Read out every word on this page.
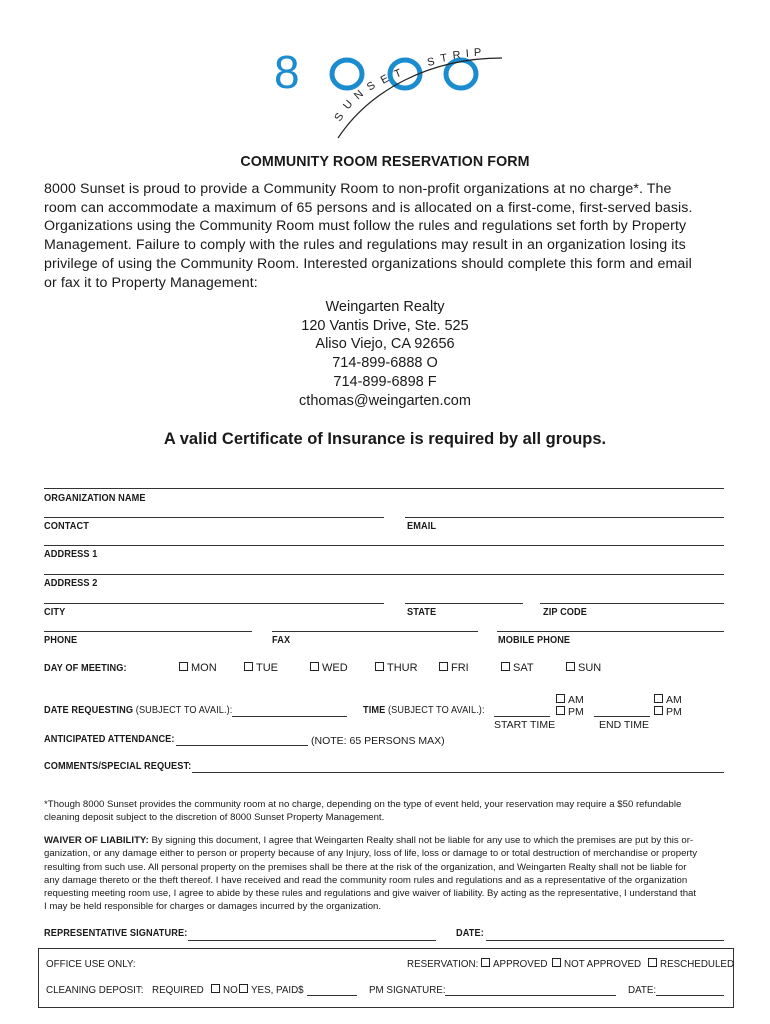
8
S
U
N
S E T
S T R I P
COMMUNITY ROOM RESERVATION FORM
8000 Sunset is proud to provide a Community Room to non-profit organizations at no charge*. The
room can accommodate a maximum of 65 persons and is allocated on a first-come, first-served basis.
Organizations using the Community Room must follow the rules and regulations set forth by Property
Management. Failure to comply with the rules and regulations may result in an organization losing its
privilege of using the Community Room. Interested organizations should complete this form and email
or fax it to Property Management:
Weingarten Realty
120 Vantis Drive, Ste. 525
Aliso Viejo, CA 92656
714-899-6888 O
714-899-6898 F
cthomas@weingarten.com
A valid Certificate of Insurance is required by all groups.
ORGANIZATION NAME
CONTACT	EMAIL
ADDRESS 1
ADDRESS 2
CITY	STATE	ZIP CODE
PHONE	FAX	MOBILE PHONE
DAY OF MEETING:	MON	TUE	WED	THUR	FRI	SAT	SUN
DATE REQUESTING (SUBJECT TO AVAIL.):	TIME (SUBJECT TO AVAIL.):
AM
PM
START TIME
AM
PM
END TIME
ANTICIPATED ATTENDANCE:	(NOTE: 65 PERSONS MAX)
COMMENTS/SPECIAL REQUEST:
*Though 8000 Sunset provides the community room at no charge, depending on the type of event held, your reservation may require a $50 refundable
cleaning deposit subject to the discretion of 8000 Sunset Property Management.
WAIVER OF LIABILITY: By signing this document, I agree that Weingarten Realty shall not be liable for any use to which the premises are put by this or-
ganization, or any damage either to person or property because of any Injury, loss of life, loss or damage to or total destruction of merchandise or property
resulting from such use. All personal property on the premises shall be there at the risk of the organization, and Weingarten Realty shall not be liable for
any damage thereto or the theft thereof. I have received and read the community room rules and regulations and as a representative of the organization
requesting meeting room use, I agree to abide by these rules and regulations and give waiver of liability. By acting as the representative, I understand that
I may be held responsible for charges or damages incurred by the organization.
REPRESENTATIVE SIGNATURE:	DATE:
OFFICE USE ONLY:	RESERVATION:	APPROVED	NOT APPROVED	RESCHEDULED
CLEANING DEPOSIT: REQUIRED	NO	YES, PAID$	PM SIGNATURE:	DATE:
